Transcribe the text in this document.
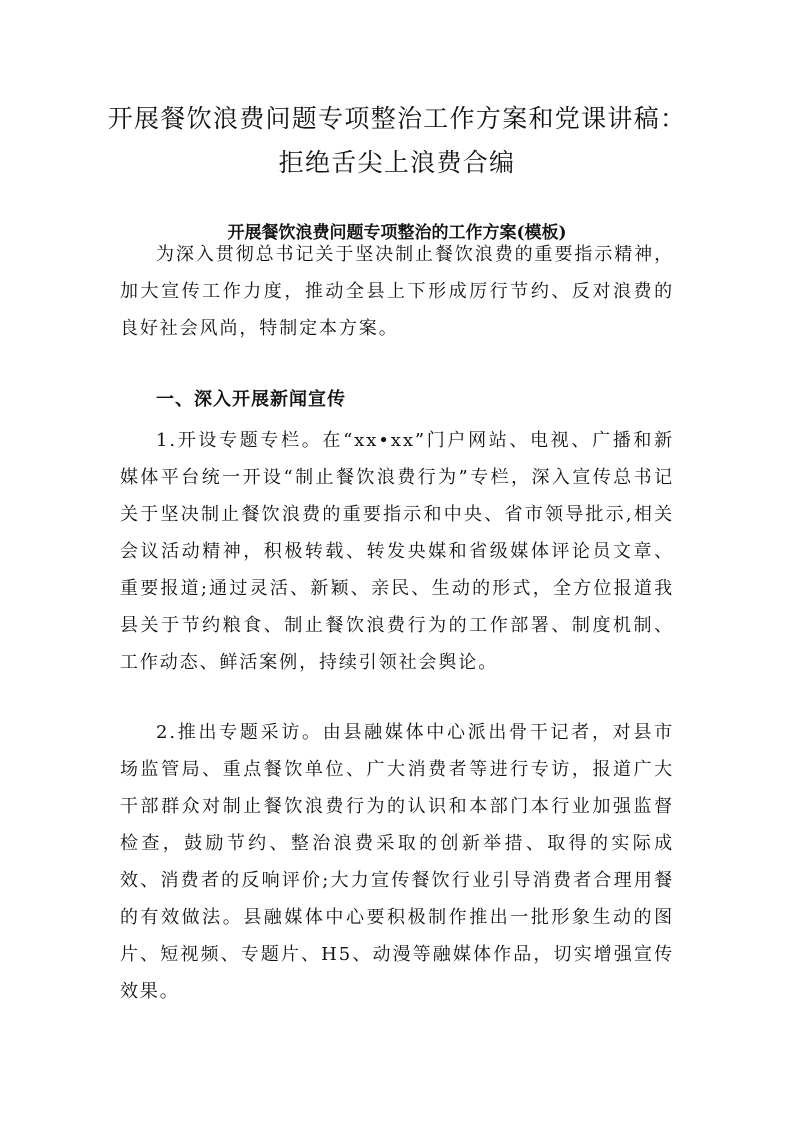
开展餐饮浪费问题专项整治工作方案和党课讲稿：拒绝舌尖上浪费合编
开展餐饮浪费问题专项整治的工作方案(模板)

为深入贯彻总书记关于坚决制止餐饮浪费的重要指示精神，加大宣传工作力度，推动全县上下形成厉行节约、反对浪费的良好社会风尚，特制定本方案。

一、深入开展新闻宣传

1.开设专题专栏。在“xx•xx”门户网站、电视、广播和新媒体平台统一开设“制止餐饮浪费行为”专栏，深入宣传总书记关于坚决制止餐饮浪费的重要指示和中央、省市领导批示,相关会议活动精神，积极转载、转发央媒和省级媒体评论员文章、重要报道;通过灵活、新颖、亲民、生动的形式，全方位报道我县关于节约粮食、制止餐饮浪费行为的工作部署、制度机制、工作动态、鲜活案例，持续引领社会舆论。

2.推出专题采访。由县融媒体中心派出骨干记者，对县市场监管局、重点餐饮单位、广大消费者等进行专访，报道广大干部群众对制止餐饮浪费行为的认识和本部门本行业加强监督检查，鼓励节约、整治浪费采取的创新举措、取得的实际成效、消费者的反响评价;大力宣传餐饮行业引导消费者合理用餐的有效做法。县融媒体中心要积极制作推出一批形象生动的图片、短视频、专题片、H5、动漫等融媒体作品，切实增强宣传效果。
